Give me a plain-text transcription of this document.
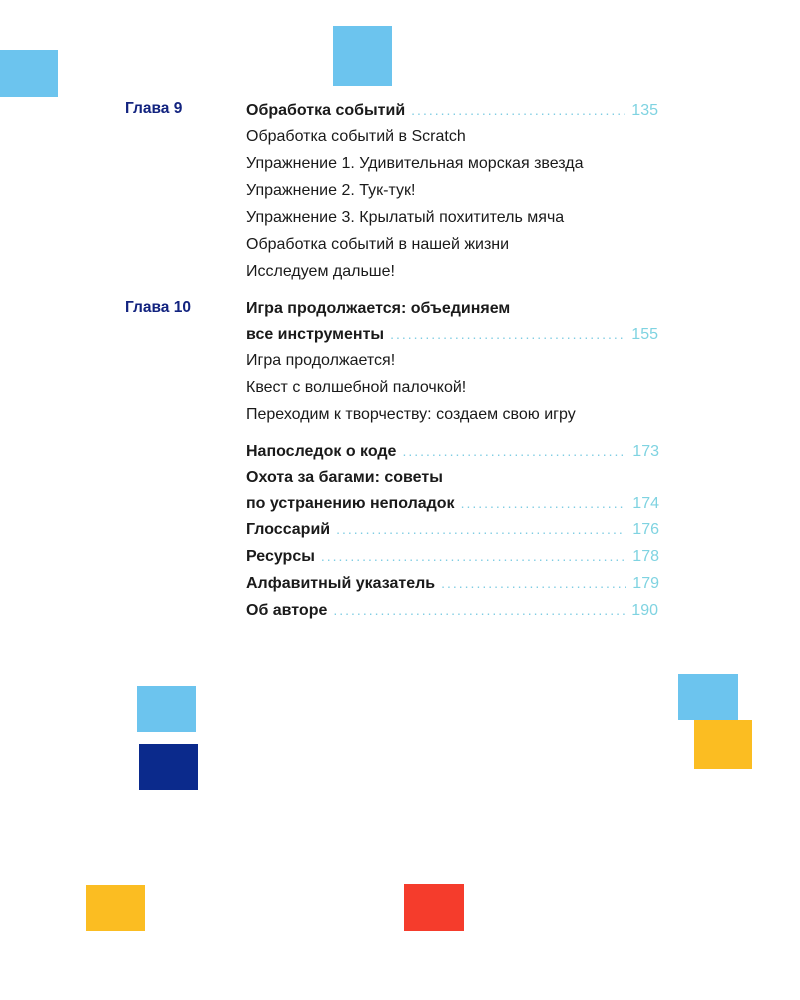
Глава 9	Обработка событий .....	135
Обработка событий в Scratch
Упражнение 1. Удивительная морская звезда
Упражнение 2. Тук-тук!
Упражнение 3. Крылатый похититель мяча
Обработка событий в нашей жизни
Исследуем дальше!
Глава 10	Игра продолжается: объединяем
все инструменты .....	155
Игра продолжается!
Квест с волшебной палочкой!
Переходим к творчеству: создаем свою игру
Напоследок о коде .....	173
Охота за багами: советы
по устранению неполадок .....	174
Глоссарий .....	176
Ресурсы .....	178
Алфавитный указатель .....	179
Об авторе .....	190
